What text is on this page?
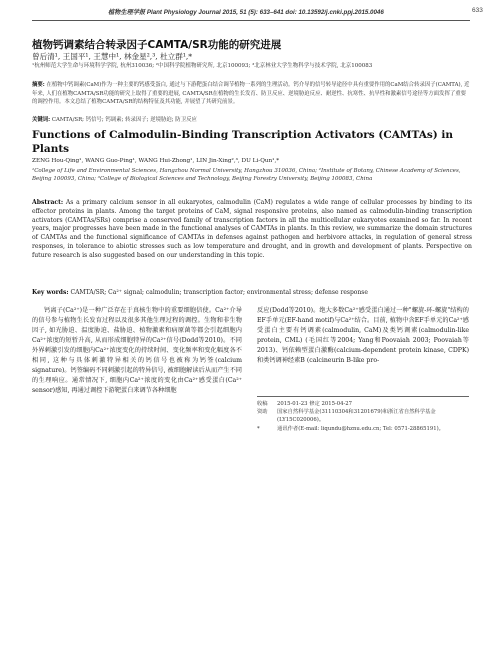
植物生理学报 Plant Physiology Journal 2015, 51 (5): 633–641 doi: 10.13592/j.cnki.ppj.2015.0046	633
植物钙调素结合转录因子CAMTA/SR功能的研究进展
曾后清¹, 王国平¹, 王慧中¹, 林金星²,³, 杜立群¹,*
¹杭州师范大学生命与环境科学学院, 杭州310036; ²中国科学院植物研究所, 北京100093; ³北京林业大学生物科学与技术学院, 北京100083
摘要: 在植物中钙调素(CaM)作为一种主要的钙感受蛋白, 通过与下游靶蛋白结合调节植物一系列的生理活动。钙介导的信号转导途径中具有重要作用的CaM结合转录因子(CAMTA), 近年来, 人们在植物CAMTA/SR功能的研究上取得了重要的进展, CAMTA/SR在植物的生长发育、防卫反应、逆境胁迫反应、耐逆性、抗寒性、抗旱性和激素信号途径等方面发挥了重要的调控作用。本文总结了植物CAMTA/SR的结构特征及其功能, 并展望了其研究前景。
关键词: CAMTA/SR; 钙信号; 钙调素; 转录因子; 逆境胁迫; 防卫反应
Functions of Calmodulin-Binding Transcription Activators (CAMTAs) in Plants
ZENG Hou-Qing¹, WANG Guo-Ping¹, WANG Hui-Zhong¹, LIN Jin-Xing²,³, DU Li-Qun¹,*
¹College of Life and Environmental Sciences, Hangzhou Normal University, Hangzhou 310036, China; ²Institute of Botany, Chinese Academy of Sciences, Beijing 100093, China; ³College of Biological Sciences and Technology, Beijing Forestry University, Beijing 100083, China
Abstract: As a primary calcium sensor in all eukaryotes, calmodulin (CaM) regulates a wide range of cellular processes by binding to its effector proteins in plants. Among the target proteins of CaM, signal responsive proteins, also named as calmodulin-binding transcription activators (CAMTAs/SRs) comprise a conserved family of transcription factors in all the multicellular eukaryotes examined so far. In recent years, major progresses have been made in the functional analyses of CAMTAs in plants. In this review, we summarize the domain structures of CAMTAs and the functional significance of CAMTAs in defenses against pathogen and herbivore attacks, in regulation of general stress responses, in tolerance to abiotic stresses such as low temperature and drought, and in growth and development of plants. Perspective on future research is also suggested based on our understanding in this topic.
Key words: CAMTA/SR; Ca²⁺ signal; calmodulin; transcription factor; environmental stress; defense response

钙离子(Ca²⁺)是一种广泛存在于真核生物中的重要细胞信使。Ca²⁺介导的信号参与植物生长发育过程以及很多其他生理过程的调控。生物和非生物因子, 如光胁迫、温度胁迫、盐胁迫、植物激素和病原菌等都会引起细胞内Ca²⁺浓度的短暂升高, 从而形成细胞特异的Ca²⁺信号(Dodd等2010)。不同外界刺激引发的细胞内Ca²⁺浓度变化的持续时间、变化频率和变化幅度各不相同, 这种与具体刺激特异相关的钙信号也被称为钙签(calcium signature)。钙签编码不同刺激引起的特异信号, 被细胞解读后从而产生不同的生理响应。通常情况下, 细胞内Ca²⁺浓度的变化由Ca²⁺感受蛋白(Ca²⁺ sensor)感知, 再通过调控下游靶蛋白来调节各种细胞

反应(Dodd等2010)。绝大多数Ca²⁺感受蛋白通过一种"螺旋-环-螺旋"结构的EF手单元(EF-hand motif)与Ca²⁺结合。目前, 植物中含EF手单元的Ca²⁺感受蛋白主要有钙调素(calmodulin, CaM)及类钙调素(calmodulin-like protein, CML) (毛国红等2004; Yang和Poovaiah 2003; Poovaiah等2013)、钙依赖型蛋白激酶(calcium-dependent protein kinase, CDPK)和类钙调神经素B (calcineurin B-like pro-

收稿	2015-01-23 修定 2015-04-27
资助	国家自然科学基金(31110304和31201679)和浙江省自然科学基金(LY15C020006)。
*	通讯作者(E-mail: liqundu@hznu.edu.cn; Tel: 0571-28865191)。
